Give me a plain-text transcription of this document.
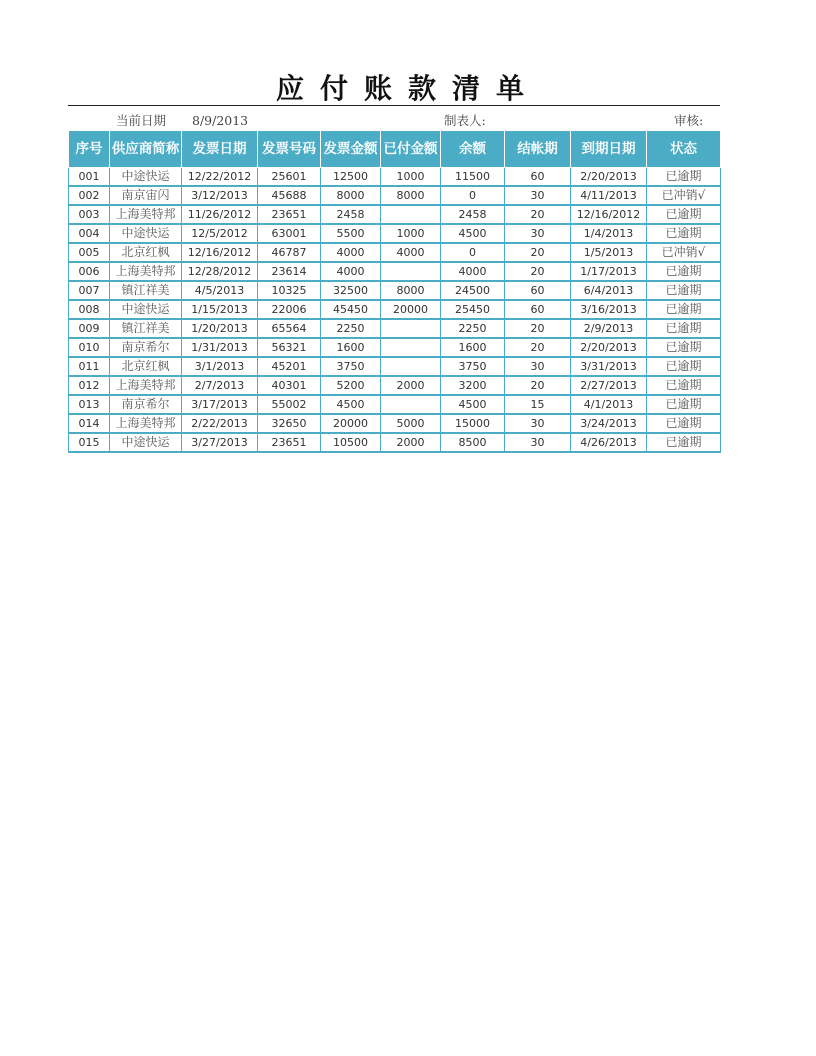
应付账款清单
当前日期 8/9/2013	制表人:	审核:
序号	供应商简称	发票日期	发票号码	发票金额	已付金额	余额	结帐期	到期日期	状态
001	中途快运	12/22/2012	25601	12500	1000	11500	60	2/20/2013	已逾期
002	南京宙闪	3/12/2013	45688	8000	8000	0	30	4/11/2013	已冲销√
003	上海美特邦	11/26/2012	23651	2458		2458	20	12/16/2012	已逾期
004	中途快运	12/5/2012	63001	5500	1000	4500	30	1/4/2013	已逾期
005	北京红枫	12/16/2012	46787	4000	4000	0	20	1/5/2013	已冲销√
006	上海美特邦	12/28/2012	23614	4000		4000	20	1/17/2013	已逾期
007	镇江祥美	4/5/2013	10325	32500	8000	24500	60	6/4/2013	已逾期
008	中途快运	1/15/2013	22006	45450	20000	25450	60	3/16/2013	已逾期
009	镇江祥美	1/20/2013	65564	2250		2250	20	2/9/2013	已逾期
010	南京希尔	1/31/2013	56321	1600		1600	20	2/20/2013	已逾期
011	北京红枫	3/1/2013	45201	3750		3750	30	3/31/2013	已逾期
012	上海美特邦	2/7/2013	40301	5200	2000	3200	20	2/27/2013	已逾期
013	南京希尔	3/17/2013	55002	4500		4500	15	4/1/2013	已逾期
014	上海美特邦	2/22/2013	32650	20000	5000	15000	30	3/24/2013	已逾期
015	中途快运	3/27/2013	23651	10500	2000	8500	30	4/26/2013	已逾期
